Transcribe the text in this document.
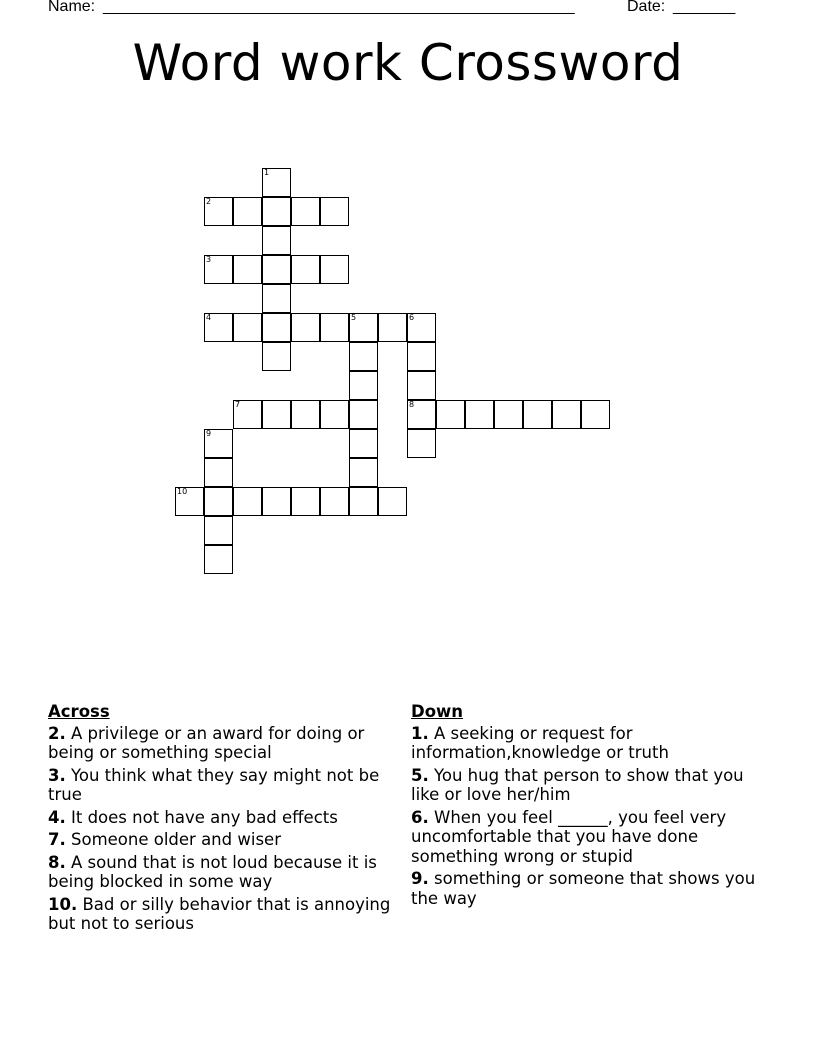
Name: _____________________________________________________	Date: _______
Word work Crossword
1
2
3
4	5	6
7	8
9
10
Across
2. A privilege or an award for doing or being or something special
3. You think what they say might not be true
4. It does not have any bad effects
7. Someone older and wiser
8. A sound that is not loud because it is being blocked in some way
10. Bad or silly behavior that is annoying but not to serious
Down
1. A seeking or request for information,knowledge or truth
5. You hug that person to show that you like or love her/him
6. When you feel ______, you feel very uncomfortable that you have done something wrong or stupid
9. something or someone that shows you the way
